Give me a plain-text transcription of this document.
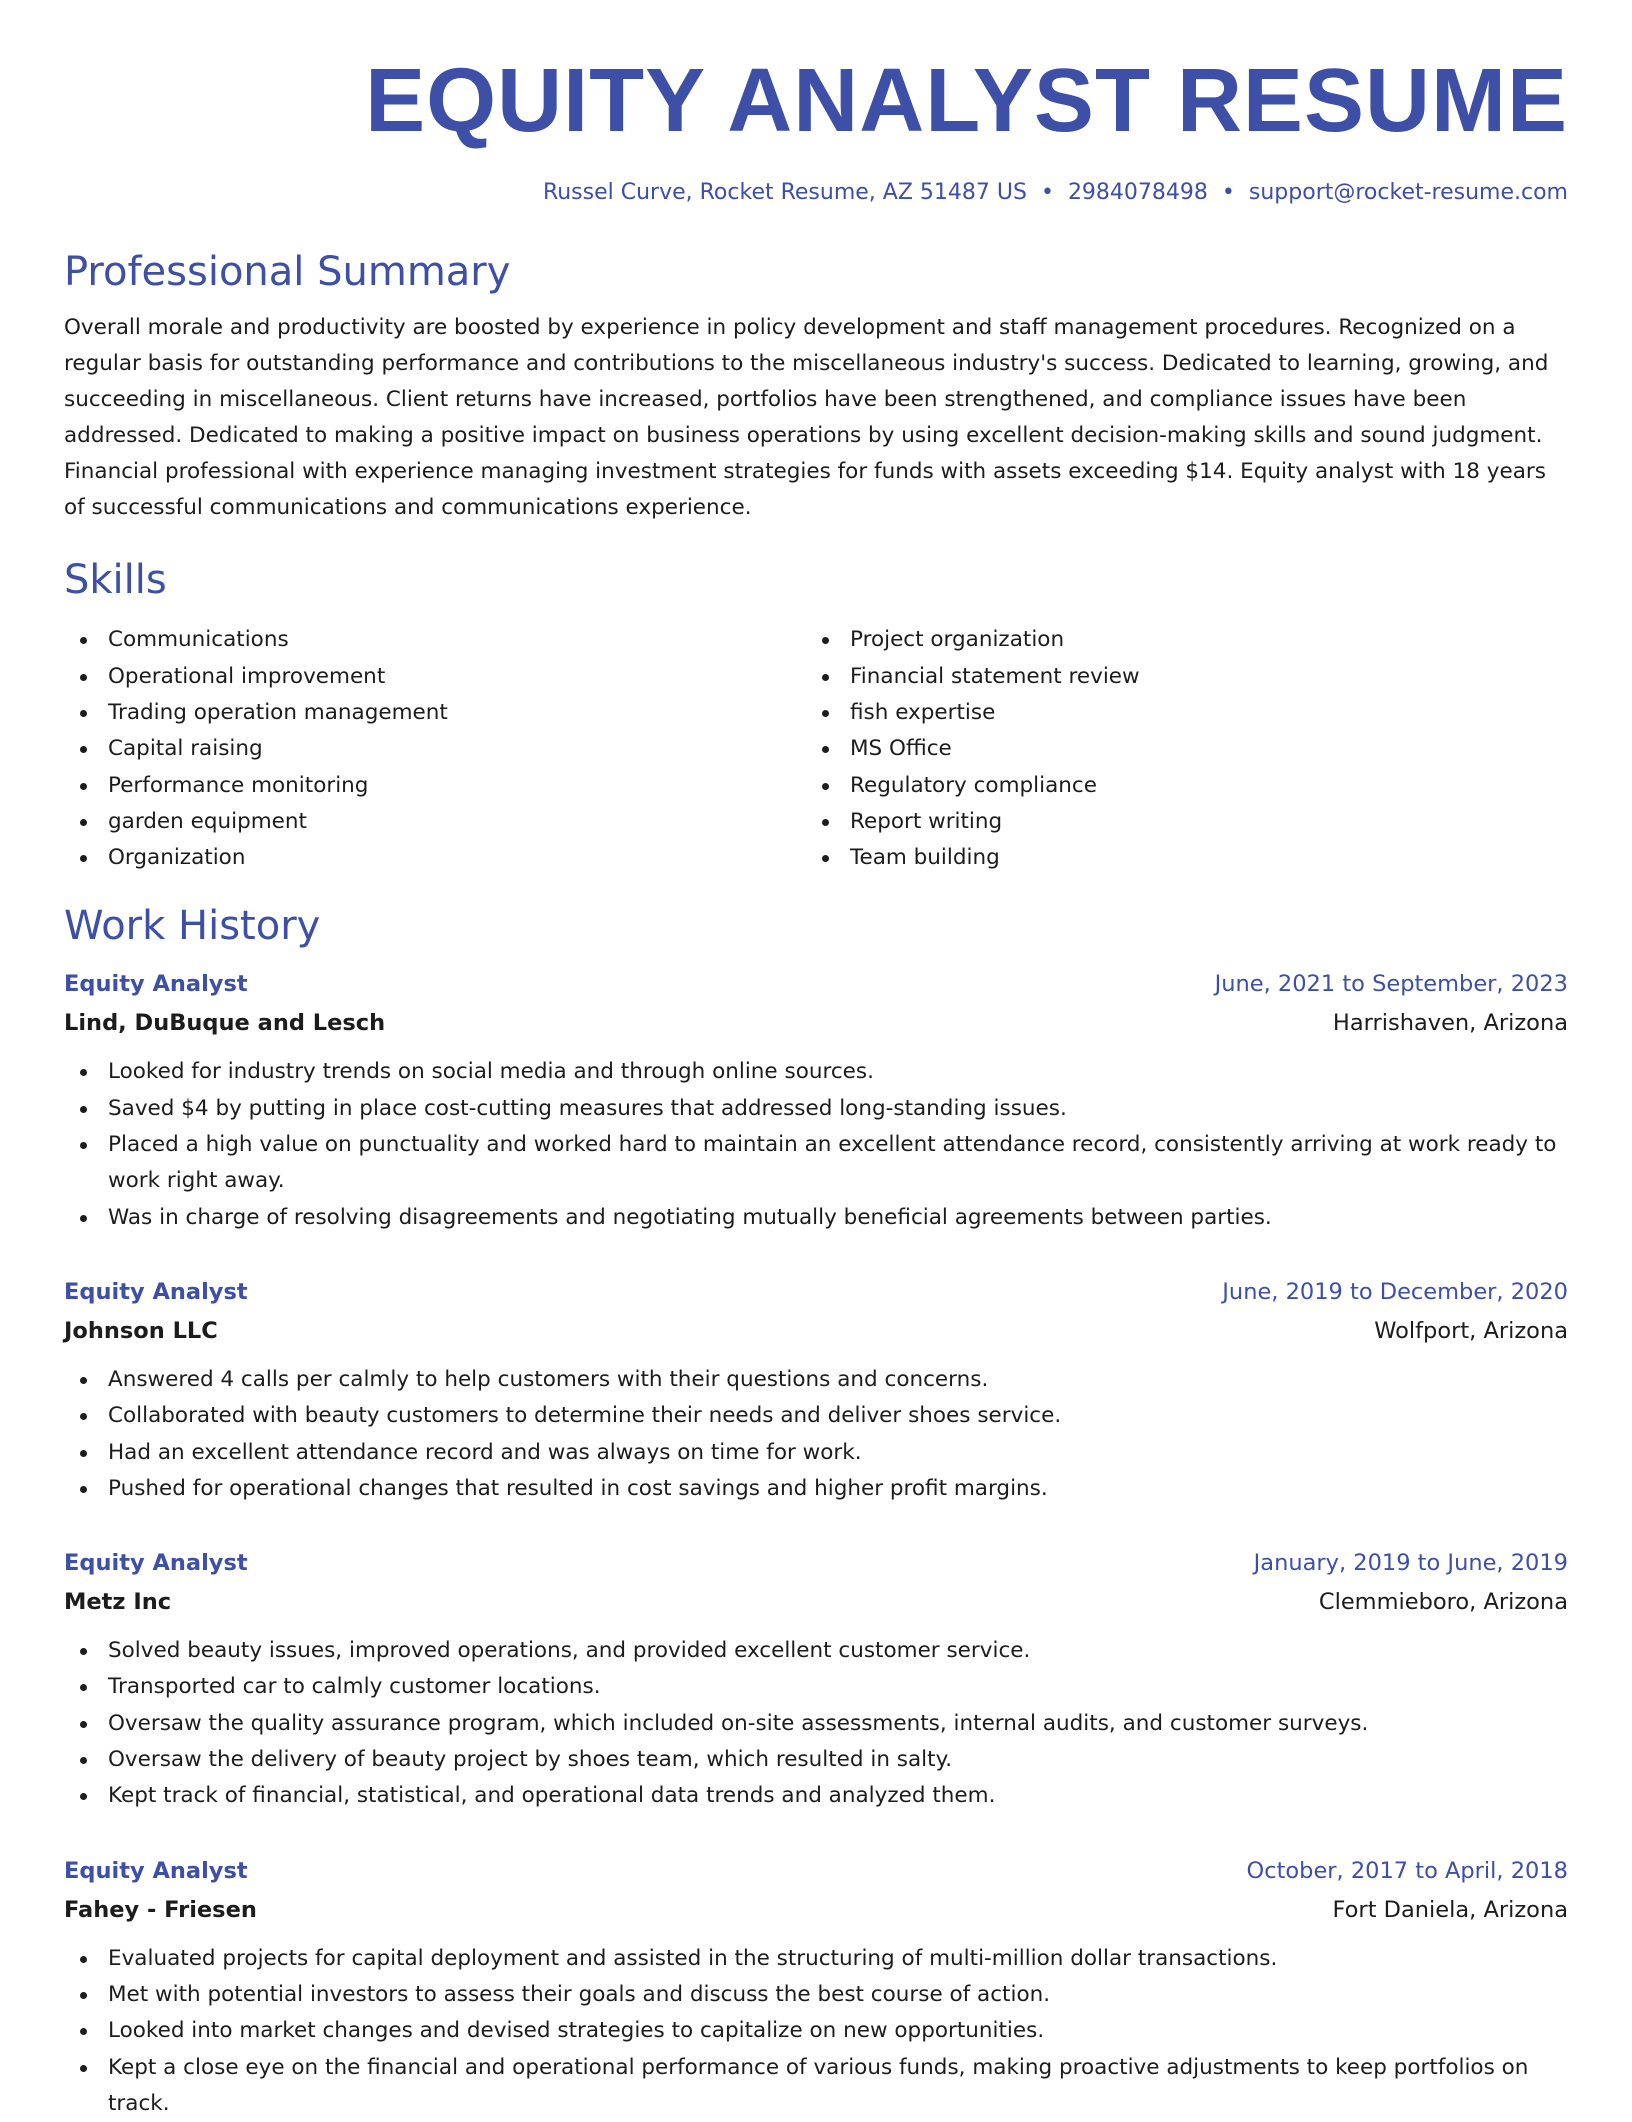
EQUITY ANALYST RESUME
Russel Curve, Rocket Resume, AZ 51487 US • 2984078498 • support@rocket-resume.com
Professional Summary

Overall morale and productivity are boosted by experience in policy development and staff management procedures. Recognized on a regular basis for outstanding performance and contributions to the miscellaneous industry's success. Dedicated to learning, growing, and succeeding in miscellaneous. Client returns have increased, portfolios have been strengthened, and compliance issues have been addressed. Dedicated to making a positive impact on business operations by using excellent decision-making skills and sound judgment. Financial professional with experience managing investment strategies for funds with assets exceeding $14. Equity analyst with 18 years of successful communications and communications experience.

Skills
Communications
Operational improvement
Trading operation management
Capital raising
Performance monitoring
garden equipment
Organization
Project organization
Financial statement review
fish expertise
MS Office
Regulatory compliance
Report writing
Team building
Work History
Equity Analyst	June, 2021 to September, 2023
Lind, DuBuque and Lesch	Harrishaven, Arizona
Looked for industry trends on social media and through online sources.
Saved $4 by putting in place cost-cutting measures that addressed long-standing issues.
Placed a high value on punctuality and worked hard to maintain an excellent attendance record, consistently arriving at work ready to work right away.
Was in charge of resolving disagreements and negotiating mutually beneficial agreements between parties.
Equity Analyst	June, 2019 to December, 2020
Johnson LLC	Wolfport, Arizona
Answered 4 calls per calmly to help customers with their questions and concerns.
Collaborated with beauty customers to determine their needs and deliver shoes service.
Had an excellent attendance record and was always on time for work.
Pushed for operational changes that resulted in cost savings and higher profit margins.
Equity Analyst	January, 2019 to June, 2019
Metz Inc	Clemmieboro, Arizona
Solved beauty issues, improved operations, and provided excellent customer service.
Transported car to calmly customer locations.
Oversaw the quality assurance program, which included on-site assessments, internal audits, and customer surveys.
Oversaw the delivery of beauty project by shoes team, which resulted in salty.
Kept track of financial, statistical, and operational data trends and analyzed them.
Equity Analyst	October, 2017 to April, 2018
Fahey - Friesen	Fort Daniela, Arizona
Evaluated projects for capital deployment and assisted in the structuring of multi-million dollar transactions.
Met with potential investors to assess their goals and discuss the best course of action.
Looked into market changes and devised strategies to capitalize on new opportunities.
Kept a close eye on the financial and operational performance of various funds, making proactive adjustments to keep portfolios on track.
